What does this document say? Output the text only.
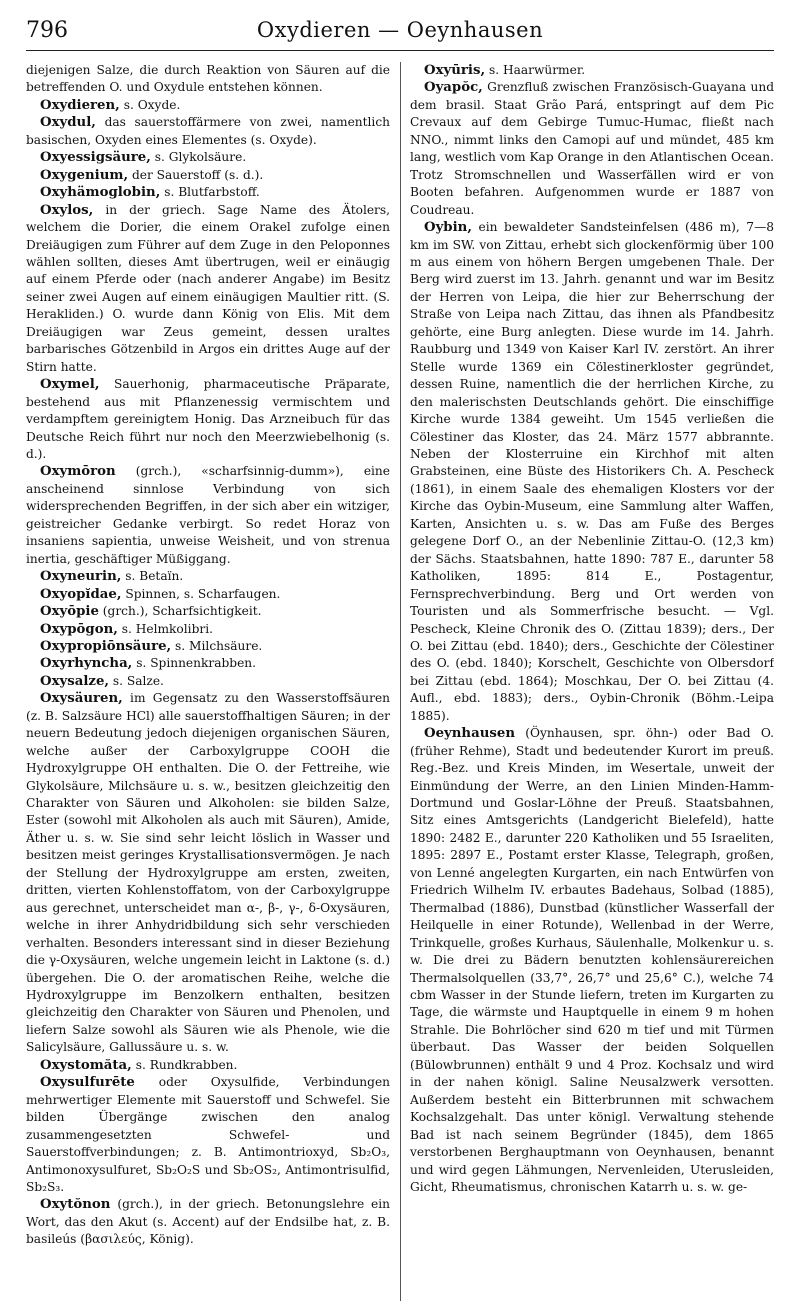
796	Oxydieren — Oeynhausen

diejenigen Salze, die durch Reaktion von Säuren auf die betreffenden O. und Oxydule entstehen können.

Oxydieren, s. Oxyde.

Oxydul, das sauerstoffärmere von zwei, namentlich basischen, Oxyden eines Elementes (s. Oxyde).

Oxyessigsäure, s. Glykolsäure.

Oxygenium, der Sauerstoff (s. d.).

Oxyhämoglobin, s. Blutfarbstoff.

Oxylos, in der griech. Sage Name des Ätolers, welchem die Dorier, die einem Orakel zufolge einen Dreiäugigen zum Führer auf dem Zuge in den Peloponnes wählen sollten, dieses Amt übertrugen, weil er einäugig auf einem Pferde oder (nach anderer Angabe) im Besitz seiner zwei Augen auf einem einäugigen Maultier ritt. (S. Herakliden.) O. wurde dann König von Elis. Mit dem Dreiäugigen war Zeus gemeint, dessen uraltes barbarisches Götzenbild in Argos ein drittes Auge auf der Stirn hatte.

Oxymel, Sauerhonig, pharmaceutische Präparate, bestehend aus mit Pflanzenessig vermischtem und verdampftem gereinigtem Honig. Das Arzneibuch für das Deutsche Reich führt nur noch den Meerzwiebelhonig (s. d.).

Oxymōron (grch.), «scharfsinnig-dumm»), eine anscheinend sinnlose Verbindung von sich widersprechenden Begriffen, in der sich aber ein witziger, geistreicher Gedanke verbirgt. So redet Horaz von insaniens sapientia, unweise Weisheit, und von strenua inertia, geschäftiger Müßiggang.

Oxyneurin, s. Betaïn.

Oxyopĭdae, Spinnen, s. Scharfaugen.

Oxyōpie (grch.), Scharfsichtigkeit.

Oxypōgon, s. Helmkolibri.

Oxypropiōnsäure, s. Milchsäure.

Oxyrhyncha, s. Spinnenkrabben.

Oxysalze, s. Salze.

Oxysäuren, im Gegensatz zu den Wasserstoffsäuren (z. B. Salzsäure HCl) alle sauerstoffhaltigen Säuren; in der neuern Bedeutung jedoch diejenigen organischen Säuren, welche außer der Carboxylgruppe COOH die Hydroxylgruppe OH enthalten. Die O. der Fettreihe, wie Glykolsäure, Milchsäure u. s. w., besitzen gleichzeitig den Charakter von Säuren und Alkoholen: sie bilden Salze, Ester (sowohl mit Alkoholen als auch mit Säuren), Amide, Äther u. s. w. Sie sind sehr leicht löslich in Wasser und besitzen meist geringes Krystallisationsvermögen. Je nach der Stellung der Hydroxylgruppe am ersten, zweiten, dritten, vierten Kohlenstoffatom, von der Carboxylgruppe aus gerechnet, unterscheidet man α-, β-, γ-, δ-Oxysäuren, welche in ihrer Anhydridbildung sich sehr verschieden verhalten. Besonders interessant sind in dieser Beziehung die γ-Oxysäuren, welche ungemein leicht in Laktone (s. d.) übergehen. Die O. der aromatischen Reihe, welche die Hydroxylgruppe im Benzolkern enthalten, besitzen gleichzeitig den Charakter von Säuren und Phenolen, und liefern Salze sowohl als Säuren wie als Phenole, wie die Salicylsäure, Gallussäure u. s. w.

Oxystomăta, s. Rundkrabben.

Oxysulfurēte oder Oxysulfide, Verbindungen mehrwertiger Elemente mit Sauerstoff und Schwefel. Sie bilden Übergänge zwischen den analog zusammengesetzten Schwefel- und Sauerstoffverbindungen; z. B. Antimontrioxyd, Sb₂O₃, Antimonoxysulfuret, Sb₂O₂S und Sb₂OS₂, Antimontrisulfid, Sb₂S₃.

Oxytŏnon (grch.), in der griech. Betonungslehre ein Wort, das den Akut (s. Accent) auf der Endsilbe hat, z. B. basileús (βασιλεύς, König).

Oxyūris, s. Haarwürmer.

Oyapŏc, Grenzfluß zwischen Französisch-Guayana und dem brasil. Staat Grão Pará, entspringt auf dem Pic Crevaux auf dem Gebirge Tumuc-Humac, fließt nach NNO., nimmt links den Camopi auf und mündet, 485 km lang, westlich vom Kap Orange in den Atlantischen Ocean. Trotz Stromschnellen und Wasserfällen wird er von Booten befahren. Aufgenommen wurde er 1887 von Coudreau.

Oybin, ein bewaldeter Sandsteinfelsen (486 m), 7—8 km im SW. von Zittau, erhebt sich glockenförmig über 100 m aus einem von höhern Bergen umgebenen Thale. Der Berg wird zuerst im 13. Jahrh. genannt und war im Besitz der Herren von Leipa, die hier zur Beherrschung der Straße von Leipa nach Zittau, das ihnen als Pfandbesitz gehörte, eine Burg anlegten. Diese wurde im 14. Jahrh. Raubburg und 1349 von Kaiser Karl IV. zerstört. An ihrer Stelle wurde 1369 ein Cölestinerkloster gegründet, dessen Ruine, namentlich die der herrlichen Kirche, zu den malerischsten Deutschlands gehört. Die einschiffige Kirche wurde 1384 geweiht. Um 1545 verließen die Cölestiner das Kloster, das 24. März 1577 abbrannte. Neben der Klosterruine ein Kirchhof mit alten Grabsteinen, eine Büste des Historikers Ch. A. Pescheck (1861), in einem Saale des ehemaligen Klosters vor der Kirche das Oybin-Museum, eine Sammlung alter Waffen, Karten, Ansichten u. s. w. Das am Fuße des Berges gelegene Dorf O., an der Nebenlinie Zittau-O. (12,3 km) der Sächs. Staatsbahnen, hatte 1890: 787 E., darunter 58 Katholiken, 1895: 814 E., Postagentur, Fernsprechverbindung. Berg und Ort werden von Touristen und als Sommerfrische besucht. — Vgl. Pescheck, Kleine Chronik des O. (Zittau 1839); ders., Der O. bei Zittau (ebd. 1840); ders., Geschichte der Cölestiner des O. (ebd. 1840); Korschelt, Geschichte von Olbersdorf bei Zittau (ebd. 1864); Moschkau, Der O. bei Zittau (4. Aufl., ebd. 1883); ders., Oybin-Chronik (Böhm.-Leipa 1885).

Oeynhausen (Öynhausen, spr. öhn-) oder Bad O. (früher Rehme), Stadt und bedeutender Kurort im preuß. Reg.-Bez. und Kreis Minden, im Wesertale, unweit der Einmündung der Werre, an den Linien Minden-Hamm-Dortmund und Goslar-Löhne der Preuß. Staatsbahnen, Sitz eines Amtsgerichts (Landgericht Bielefeld), hatte 1890: 2482 E., darunter 220 Katholiken und 55 Israeliten, 1895: 2897 E., Postamt erster Klasse, Telegraph, großen, von Lenné angelegten Kurgarten, ein nach Entwürfen von Friedrich Wilhelm IV. erbautes Badehaus, Solbad (1885), Thermalbad (1886), Dunstbad (künstlicher Wasserfall der Heilquelle in einer Rotunde), Wellenbad in der Werre, Trinkquelle, großes Kurhaus, Säulenhalle, Molkenkur u. s. w. Die drei zu Bädern benutzten kohlensäurereichen Thermalsolquellen (33,7°, 26,7° und 25,6° C.), welche 74 cbm Wasser in der Stunde liefern, treten im Kurgarten zu Tage, die wärmste und Hauptquelle in einem 9 m hohen Strahle. Die Bohrlöcher sind 620 m tief und mit Türmen überbaut. Das Wasser der beiden Solquellen (Bülowbrunnen) enthält 9 und 4 Proz. Kochsalz und wird in der nahen königl. Saline Neusalzwerk versotten. Außerdem besteht ein Bitterbrunnen mit schwachem Kochsalzgehalt. Das unter königl. Verwaltung stehende Bad ist nach seinem Begründer (1845), dem 1865 verstorbenen Berghauptmann von Oeynhausen, benannt und wird gegen Lähmungen, Nervenleiden, Uterusleiden, Gicht, Rheumatismus, chronischen Katarrh u. s. w. ge-
